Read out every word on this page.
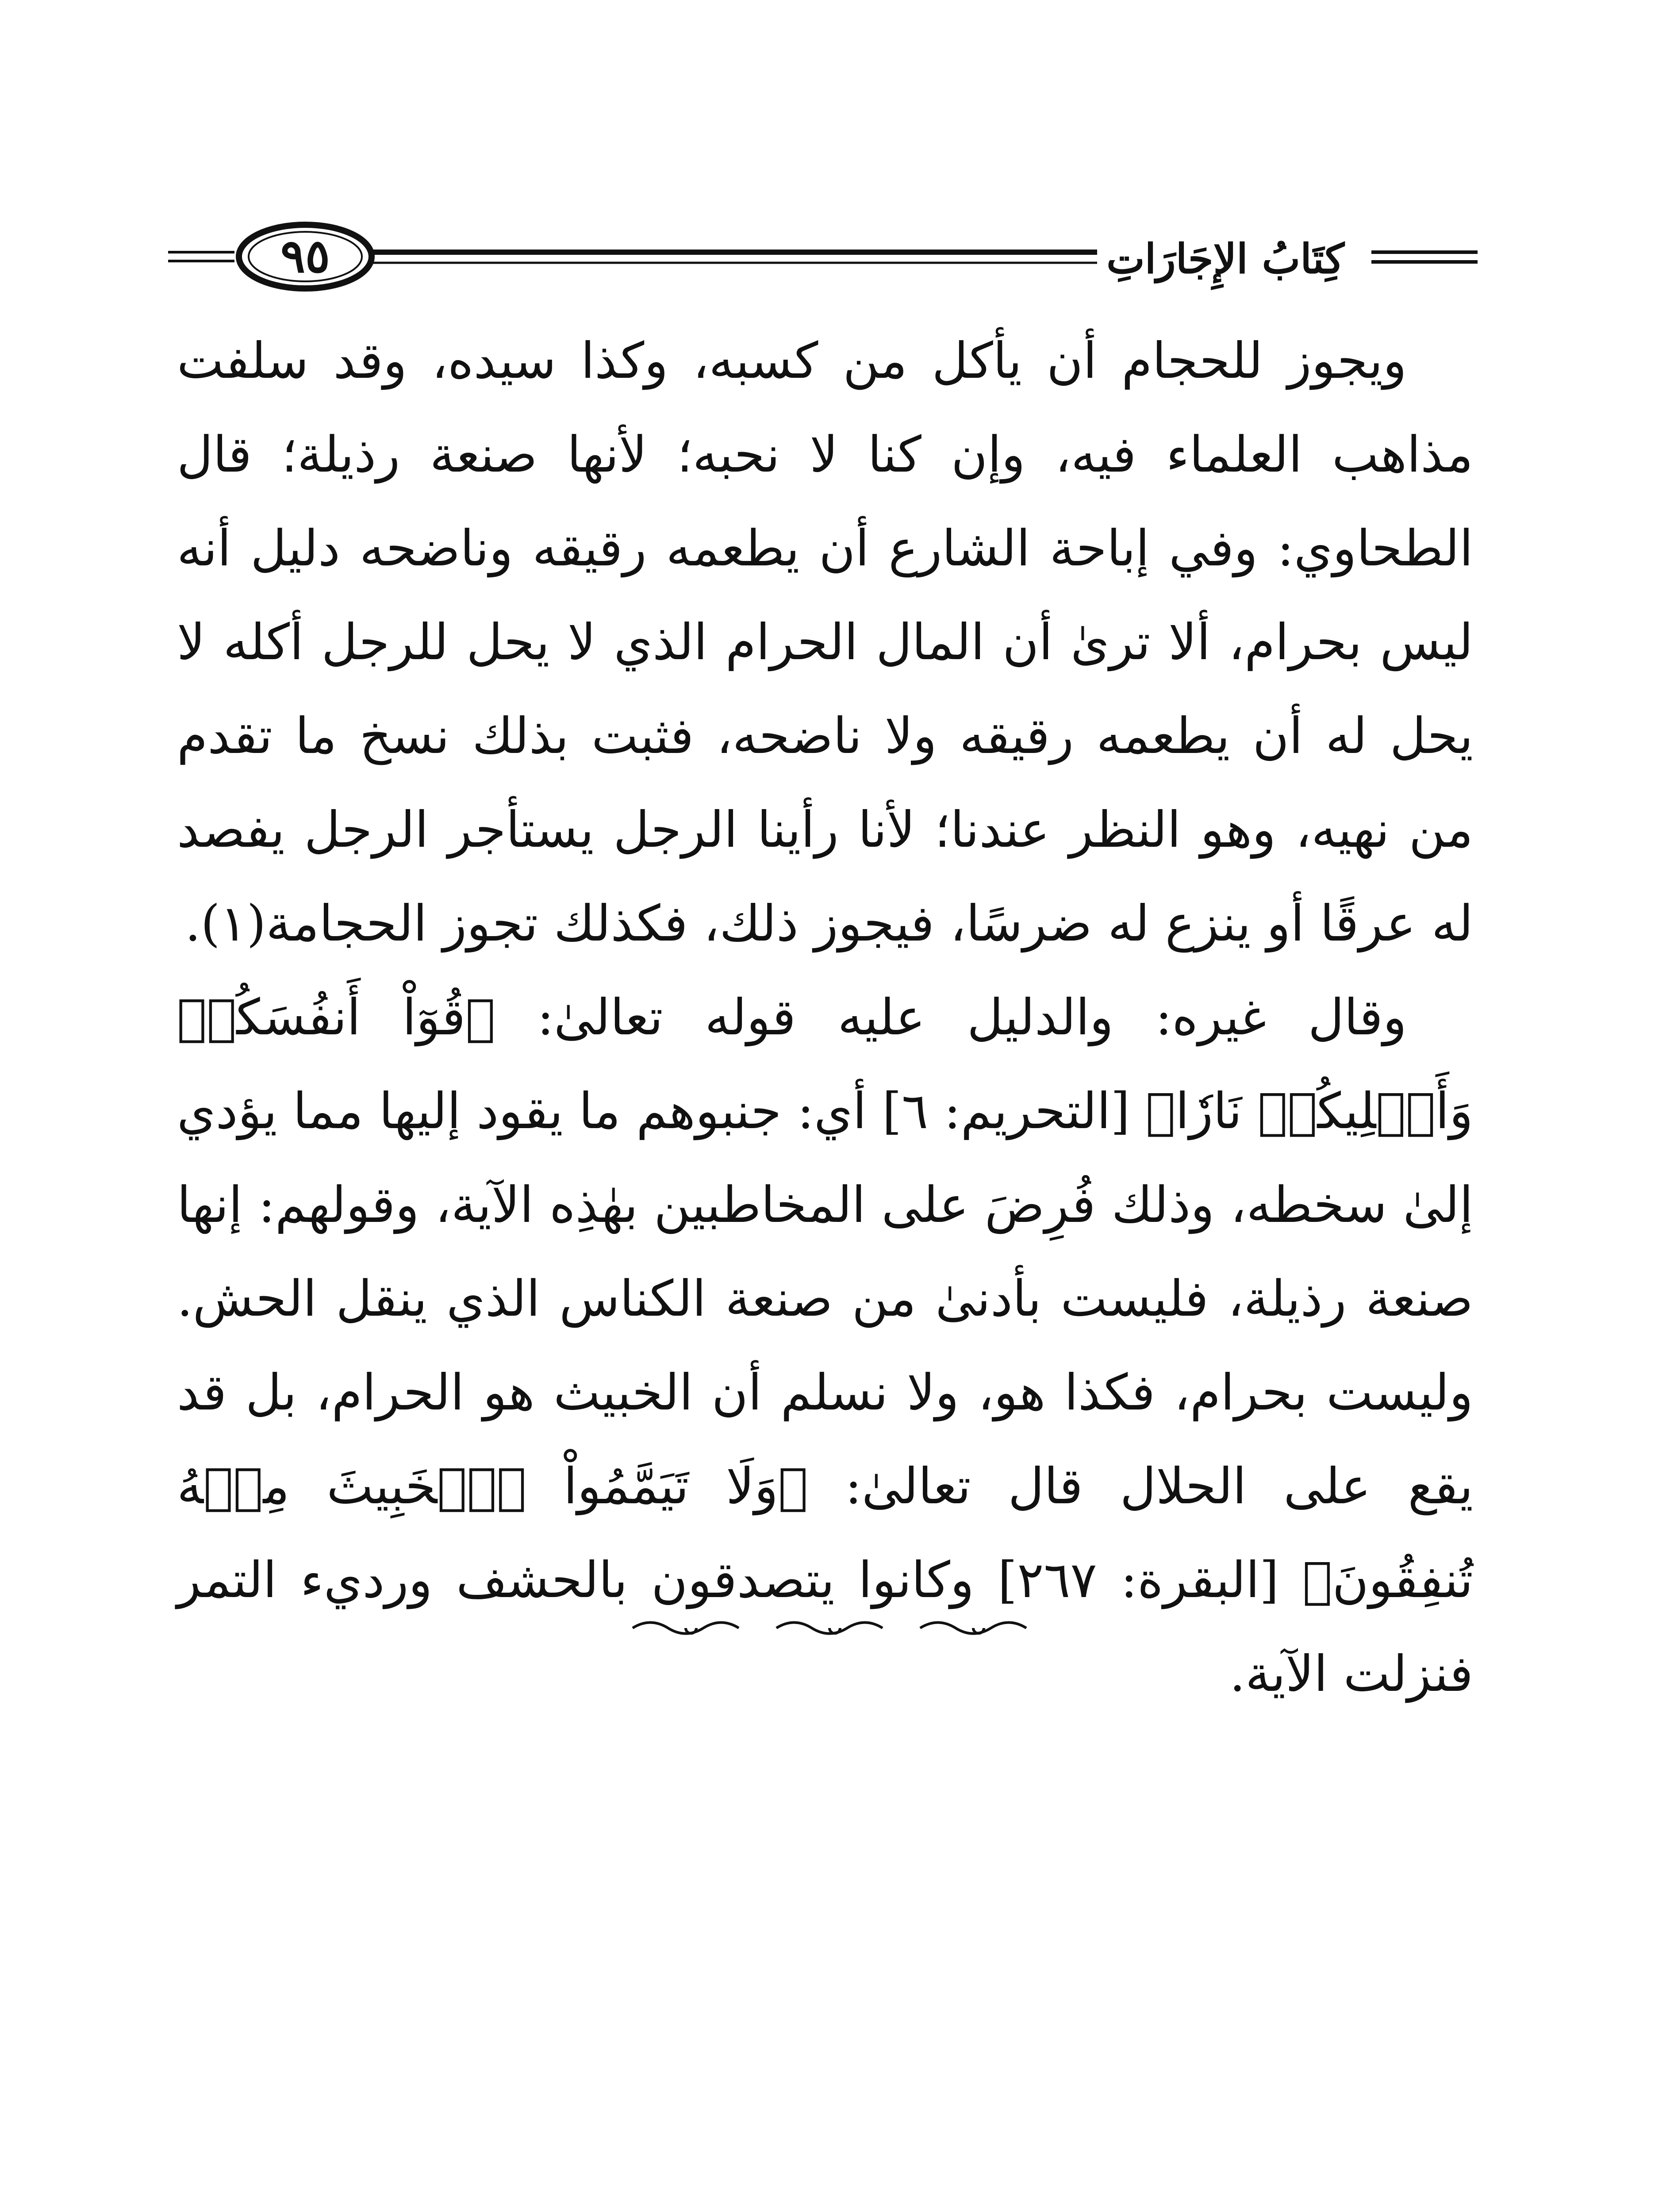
٩٥	كِتَابُ الإِجَارَاتِ

ويجوز للحجام أن يأكل من كسبه، وكذا سيده، وقد سلفت مذاهب العلماء فيه، وإن كنا لا نحبه؛ لأنها صنعة رذيلة؛ قال الطحاوي: وفي إباحة الشارع أن يطعمه رقيقه وناضحه دليل أنه ليس بحرام، ألا ترىٰ أن المال الحرام الذي لا يحل للرجل أكله لا يحل له أن يطعمه رقيقه ولا ناضحه، فثبت بذلك نسخ ما تقدم من نهيه، وهو النظر عندنا؛ لأنا رأينا الرجل يستأجر الرجل يفصد له عرقًا أو ينزع له ضرسًا، فيجوز ذلك، فكذلك تجوز الحجامة(١).

وقال غيره: والدليل عليه قوله تعالىٰ: ﴿قُوٓاْ أَنفُسَكُمۡ وَأَهۡلِيكُمۡ نَارٗا﴾ [التحريم: ٦] أي: جنبوهم ما يقود إليها مما يؤدي إلىٰ سخطه، وذلك فُرِضَ على المخاطبين بهٰذِه الآية، وقولهم: إنها صنعة رذيلة، فليست بأدنىٰ من صنعة الكناس الذي ينقل الحش. وليست بحرام، فكذا هو، ولا نسلم أن الخبيث هو الحرام، بل قد يقع على الحلال قال تعالىٰ: ﴿وَلَا تَيَمَّمُواْ ٱلۡخَبِيثَ مِنۡهُ تُنفِقُونَ﴾ [البقرة: ٢٦٧] وكانوا يتصدقون بالحشف ورديء التمر فنزلت الآية.
